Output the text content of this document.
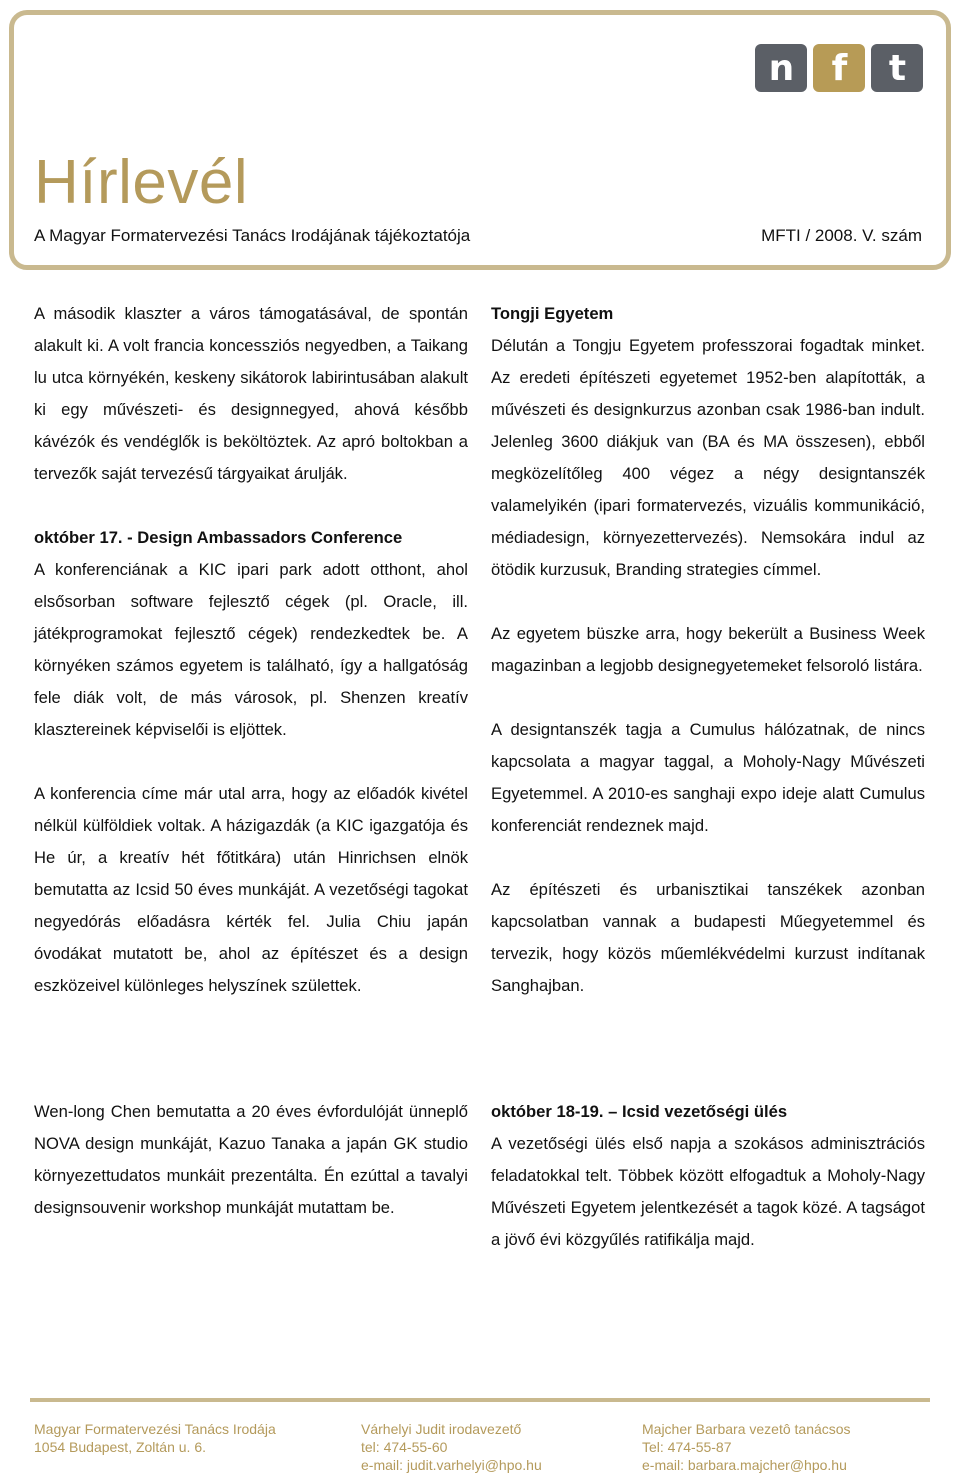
n	f	t
Hírlevél
A Magyar Formatervezési Tanács Irodájának tájékoztatója	MFTI / 2008. V. szám

A második klaszter a város támogatásával, de spontán alakult ki. A volt francia koncessziós negyedben, a Taikang lu utca környékén, keskeny sikátorok labirintusában alakult ki egy művészeti- és designnegyed, ahová később kávézók és vendéglők is beköltöztek. Az apró boltokban a tervezők saját tervezésű tárgyaikat árulják.

október 17. - Design Ambassadors Conference

A konferenciának a KIC ipari park adott otthont, ahol elsősorban software fejlesztő cégek (pl. Oracle, ill. játékprogramokat fejlesztő cégek) rendezkedtek be. A környéken számos egyetem is található, így a hallgatóság fele diák volt, de más városok, pl. Shenzen kreatív klasztereinek képviselői is eljöttek.

A konferencia címe már utal arra, hogy az előadók kivétel nélkül külföldiek voltak. A házigazdák (a KIC igazgatója és He úr, a kreatív hét főtitkára) után Hinrichsen elnök bemutatta az Icsid 50 éves munkáját. A vezetőségi tagokat negyedórás előadásra kérték fel. Julia Chiu japán óvodákat mutatott be, ahol az építészet és a design eszközeivel különleges helyszínek születtek.

Tongji Egyetem

Délután a Tongju Egyetem professzorai fogadtak minket. Az eredeti építészeti egyetemet 1952-ben alapították, a művészeti és designkurzus azonban csak 1986-ban indult. Jelenleg 3600 diákjuk van (BA és MA összesen), ebből megközelítőleg 400 végez a négy designtanszék valamelyikén (ipari formatervezés, vizuális kommunikáció, médiadesign, környezettervezés). Nemsokára indul az ötödik kurzusuk, Branding strategies címmel.

Az egyetem büszke arra, hogy bekerült a Business Week magazinban a legjobb designegyetemeket felsoroló listára.

A designtanszék tagja a Cumulus hálózatnak, de nincs kapcsolata a magyar taggal, a Moholy-Nagy Művészeti Egyetemmel. A 2010-es sanghaji expo ideje alatt Cumulus konferenciát rendeznek majd.

Az építészeti és urbanisztikai tanszékek azonban kapcsolatban vannak a budapesti Műegyetemmel és tervezik, hogy közös műemlékvédelmi kurzust indítanak Sanghajban.

Wen-long Chen bemutatta a 20 éves évfordulóját ünneplő NOVA design munkáját, Kazuo Tanaka a japán GK studio környezettudatos munkáit prezentálta. Én ezúttal a tavalyi designsouvenir workshop munkáját mutattam be.

október 18-19. – Icsid vezetőségi ülés

A vezetőségi ülés első napja a szokásos adminisztrációs feladatokkal telt. Többek között elfogadtuk a Moholy-Nagy Művészeti Egyetem jelentkezését a tagok közé. A tagságot a jövő évi közgyűlés ratifikálja majd.

Magyar Formatervezési Tanács Irodája
1054 Budapest, Zoltán u. 6.
Várhelyi Judit irodavezető
tel: 474-55-60
e-mail: judit.varhelyi@hpo.hu
Majcher Barbara vezetô tanácsos
Tel: 474-55-87
e-mail: barbara.majcher@hpo.hu
